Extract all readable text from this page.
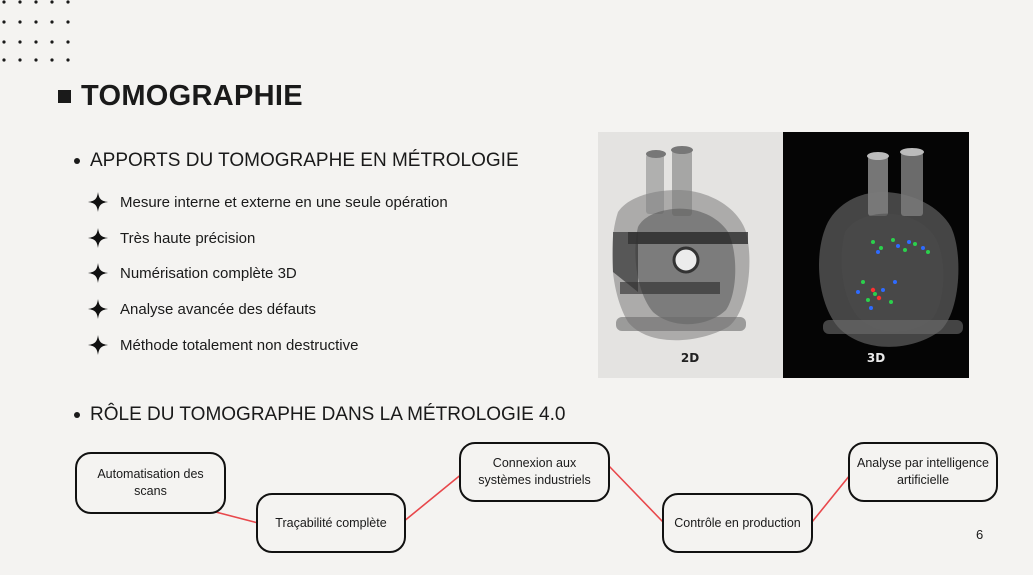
TOMOGRAPHIE
APPORTS DU TOMOGRAPHE EN MÉTROLOGIE
Mesure interne et externe en une seule opération
Très haute précision
Numérisation complète 3D
Analyse avancée des défauts
Méthode totalement non destructive
2D	3D
RÔLE DU TOMOGRAPHE DANS LA MÉTROLOGIE 4.0
Automatisation des scans
Traçabilité complète
Connexion aux systèmes industriels
Contrôle en production
Analyse par intelligence artificielle
6
